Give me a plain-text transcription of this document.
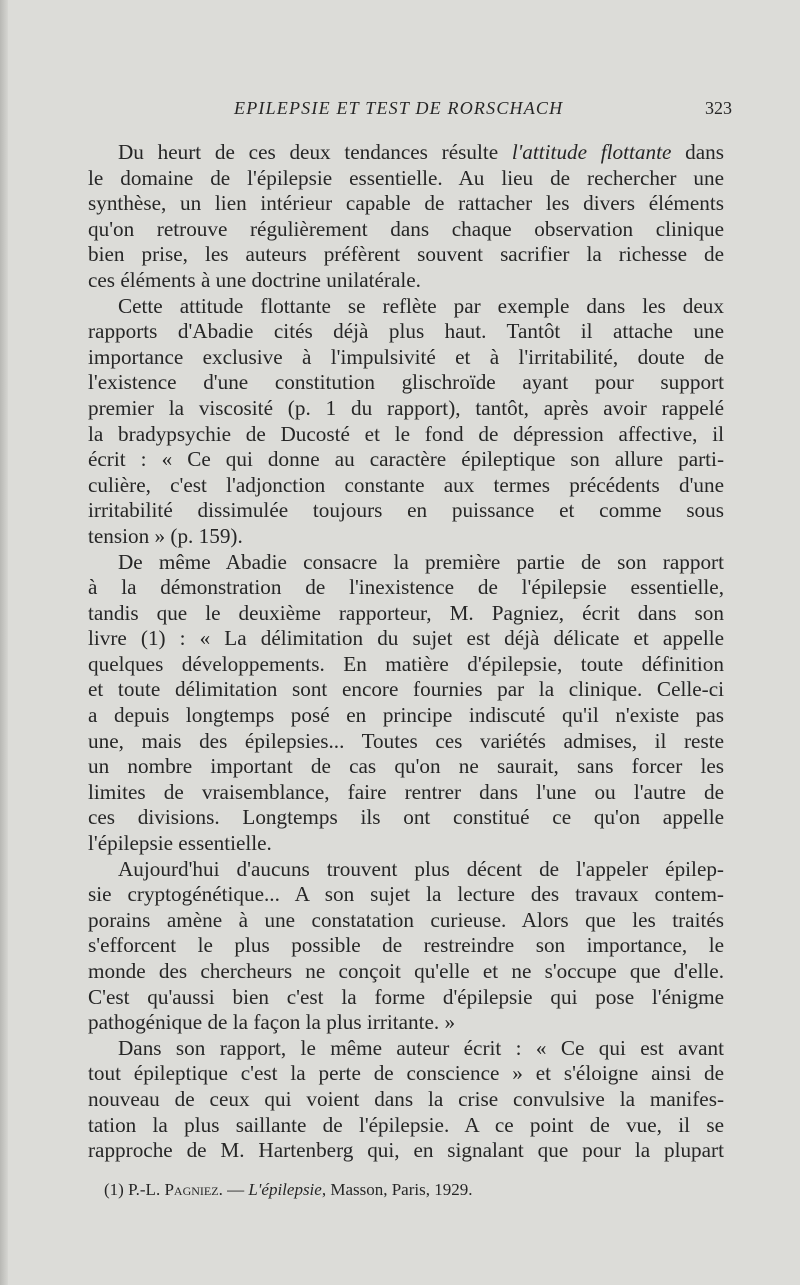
EPILEPSIE ET TEST DE RORSCHACH	323
Du heurt de ces deux tendances résulte l'attitude flottante dans
le domaine de l'épilepsie essentielle. Au lieu de rechercher une
synthèse, un lien intérieur capable de rattacher les divers éléments
qu'on retrouve régulièrement dans chaque observation clinique
bien prise, les auteurs préfèrent souvent sacrifier la richesse de
ces éléments à une doctrine unilatérale.
Cette attitude flottante se reflète par exemple dans les deux
rapports d'Abadie cités déjà plus haut. Tantôt il attache une
importance exclusive à l'impulsivité et à l'irritabilité, doute de
l'existence d'une constitution glischroïde ayant pour support
premier la viscosité (p. 1 du rapport), tantôt, après avoir rappelé
la bradypsychie de Ducosté et le fond de dépression affective, il
écrit : « Ce qui donne au caractère épileptique son allure parti-
culière, c'est l'adjonction constante aux termes précédents d'une
irritabilité dissimulée toujours en puissance et comme sous
tension » (p. 159).
De même Abadie consacre la première partie de son rapport
à la démonstration de l'inexistence de l'épilepsie essentielle,
tandis que le deuxième rapporteur, M. Pagniez, écrit dans son
livre (1) : « La délimitation du sujet est déjà délicate et appelle
quelques développements. En matière d'épilepsie, toute définition
et toute délimitation sont encore fournies par la clinique. Celle-ci
a depuis longtemps posé en principe indiscuté qu'il n'existe pas
une, mais des épilepsies... Toutes ces variétés admises, il reste
un nombre important de cas qu'on ne saurait, sans forcer les
limites de vraisemblance, faire rentrer dans l'une ou l'autre de
ces divisions. Longtemps ils ont constitué ce qu'on appelle
l'épilepsie essentielle.
Aujourd'hui d'aucuns trouvent plus décent de l'appeler épilep-
sie cryptogénétique... A son sujet la lecture des travaux contem-
porains amène à une constatation curieuse. Alors que les traités
s'efforcent le plus possible de restreindre son importance, le
monde des chercheurs ne conçoit qu'elle et ne s'occupe que d'elle.
C'est qu'aussi bien c'est la forme d'épilepsie qui pose l'énigme
pathogénique de la façon la plus irritante. »
Dans son rapport, le même auteur écrit : « Ce qui est avant
tout épileptique c'est la perte de conscience » et s'éloigne ainsi de
nouveau de ceux qui voient dans la crise convulsive la manifes-
tation la plus saillante de l'épilepsie. A ce point de vue, il se
rapproche de M. Hartenberg qui, en signalant que pour la plupart
(1) P.-L. Pagniez. — L'épilepsie, Masson, Paris, 1929.
